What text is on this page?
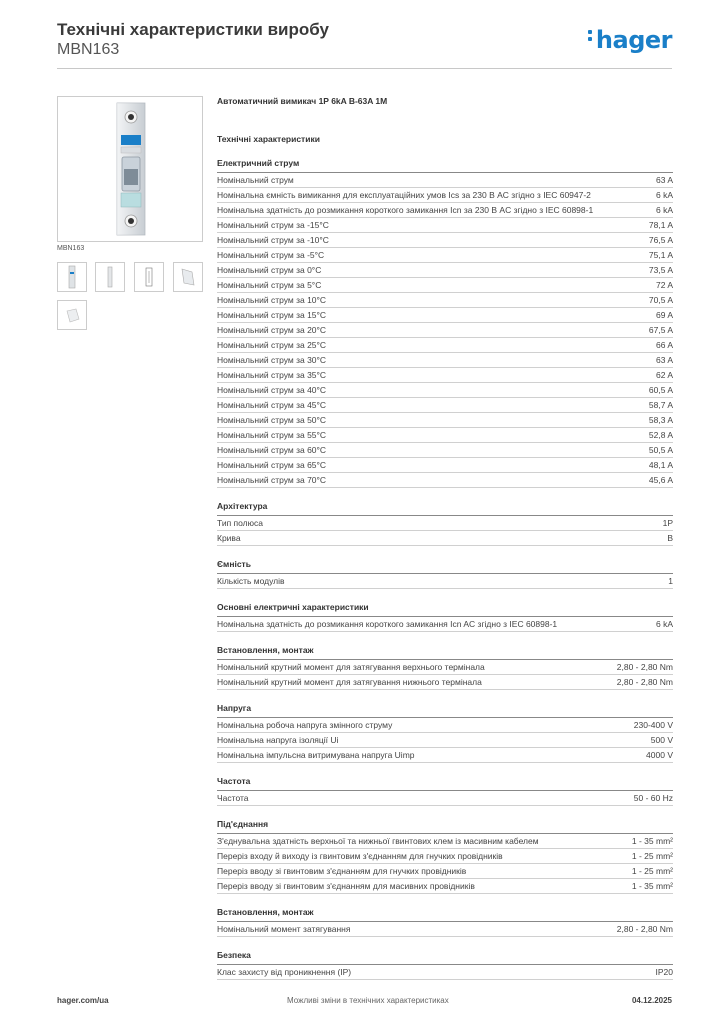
Технічні характеристики виробу
MBN163	hager
MBN163
Автоматичний вимикач 1P 6kA B-63A 1M
Технічні характеристики
Електричний струм
Номінальний струм	63 A
Номінальна ємність вимикання для експлуатаційних умов Ics за 230 В AC згідно з IEC 60947-2	6 kA
Номінальна здатність до розмикання короткого замикання Icn за 230 В AC згідно з IEC 60898-1	6 kA
Номінальний струм за -15°C	78,1 A
Номінальний струм за -10°C	76,5 A
Номінальний струм за -5°C	75,1 A
Номінальний струм за 0°C	73,5 A
Номінальний струм за 5°C	72 A
Номінальний струм за 10°C	70,5 A
Номінальний струм за 15°C	69 A
Номінальний струм за 20°C	67,5 A
Номінальний струм за 25°C	66 A
Номінальний струм за 30°C	63 A
Номінальний струм за 35°C	62 A
Номінальний струм за 40°C	60,5 A
Номінальний струм за 45°C	58,7 A
Номінальний струм за 50°C	58,3 A
Номінальний струм за 55°C	52,8 A
Номінальний струм за 60°C	50,5 A
Номінальний струм за 65°C	48,1 A
Номінальний струм за 70°C	45,6 A
Архітектура
Тип полюса	1P
Крива	B
Ємність
Кількість модулів	1
Основні електричні характеристики
Номінальна здатність до розмикання короткого замикання Icn AC згідно з IEC 60898-1	6 kA
Встановлення, монтаж
Номінальний крутний момент для затягування верхнього термінала	2,80 - 2,80 Nm
Номінальний крутний момент для затягування нижнього термінала	2,80 - 2,80 Nm
Напруга
Номінальна робоча напруга змінного струму	230-400 V
Номінальна напруга ізоляції Ui	500 V
Номінальна імпульсна витримувана напруга Uimp	4000 V
Частота
Частота	50 - 60 Hz
Під'єднання
З'єднувальна здатність верхньої та нижньої гвинтових клем із масивним кабелем	1 - 35 mm²
Переріз входу й виходу із гвинтовим з'єднанням для гнучких провідників	1 - 25 mm²
Переріз вводу зі гвинтовим з'єднанням для гнучких провідників	1 - 25 mm²
Переріз вводу зі гвинтовим з'єднанням для масивних провідників	1 - 35 mm²
Встановлення, монтаж
Номінальний момент затягування	2,80 - 2,80 Nm
Безпека
Клас захисту від проникнення (IP)	IP20
hager.com/ua	Можливі зміни в технічних характеристиках	04.12.2025
